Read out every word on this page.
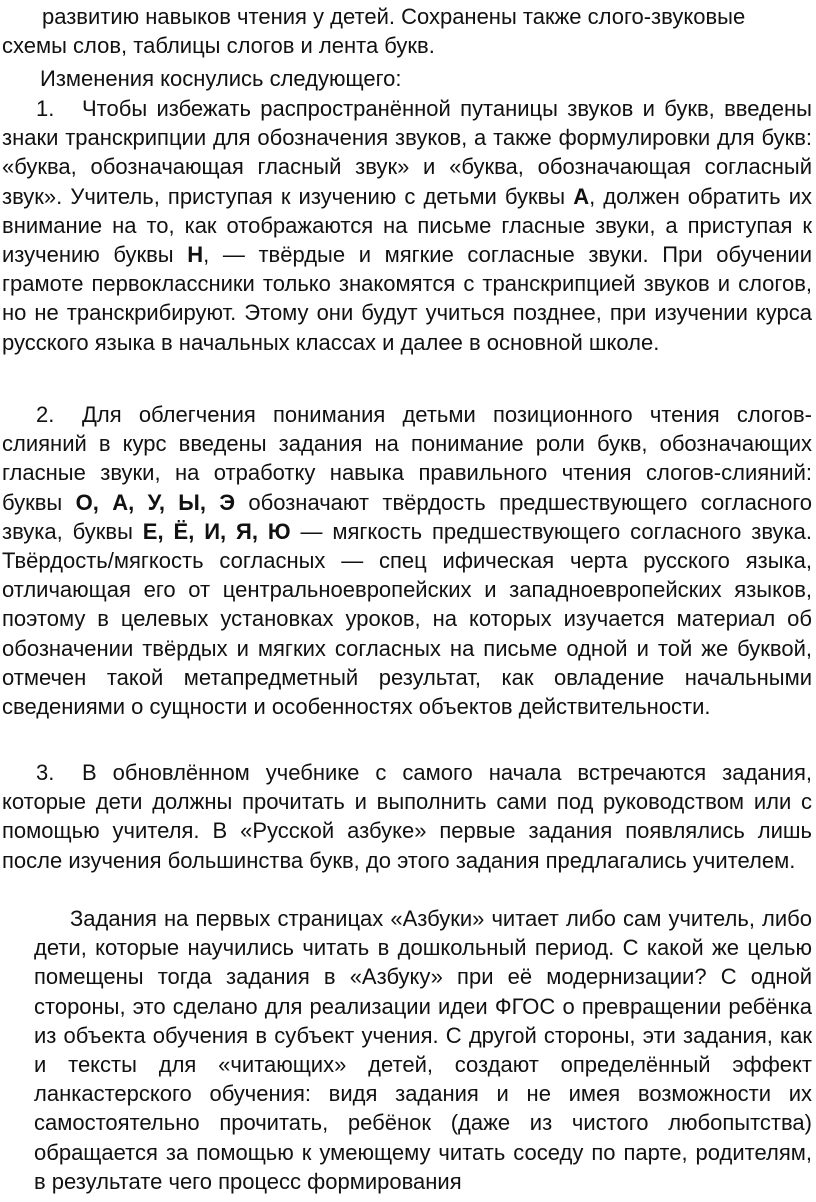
развитию навыков чтения у детей. Сохранены также слого-звуковые схемы слов, таблицы слогов и лента букв.

Изменения коснулись следующего:

1. Чтобы избежать распространённой путаницы звуков и букв, введены знаки транскрипции для обозначения звуков, а также формулировки для букв: «буква, обозначающая гласный звук» и «буква, обозначающая согласный звук». Учитель, приступая к изучению с детьми буквы А, должен обратить их внимание на то, как отображаются на письме гласные звуки, а приступая к изучению буквы Н, — твёрдые и мягкие согласные звуки. При обучении грамоте первоклассники только знакомятся с транскрипцией звуков и слогов, но не транскрибируют. Этому они будут учиться позднее, при изучении курса русского языка в начальных классах и далее в основной школе.

2. Для облегчения понимания детьми позиционного чтения слогов-слияний в курс введены задания на понимание роли букв, обозначающих гласные звуки, на отработку навыка правильного чтения слогов-слияний: буквы О, А, У, Ы, Э обозначают твёрдость предшествующего согласного звука, буквы Е, Ё, И, Я, Ю — мягкость предшествующего согласного звука. Твёрдость/мягкость согласных — спец ифическая черта русского языка, отличающая его от центральноевропейских и западноевропейских языков, поэтому в целевых установках уроков, на которых изучается материал об обозначении твёрдых и мягких согласных на письме одной и той же буквой, отмечен такой метапредметный результат, как овладение начальными сведениями о сущности и особенностях объектов действительности.

3. В обновлённом учебнике с самого начала встречаются задания, которые дети должны прочитать и выполнить сами под руководством или с помощью учителя. В «Русской азбуке» первые задания появлялись лишь после изучения большинства букв, до этого задания предлагались учителем.

Задания на первых страницах «Азбуки» читает либо сам учитель, либо дети, которые научились читать в дошкольный период. С какой же целью помещены тогда задания в «Азбуку» при её модернизации? С одной стороны, это сделано для реализации идеи ФГОС о превращении ребёнка из объекта обучения в субъект учения. С другой стороны, эти задания, как и тексты для «читающих» детей, создают определённый эффект ланкастерского обучения: видя задания и не имея возможности их самостоятельно прочитать, ребёнок (даже из чистого любопытства) обращается за помощью к умеющему читать соседу по парте, родителям, в результате чего процесс формирования
